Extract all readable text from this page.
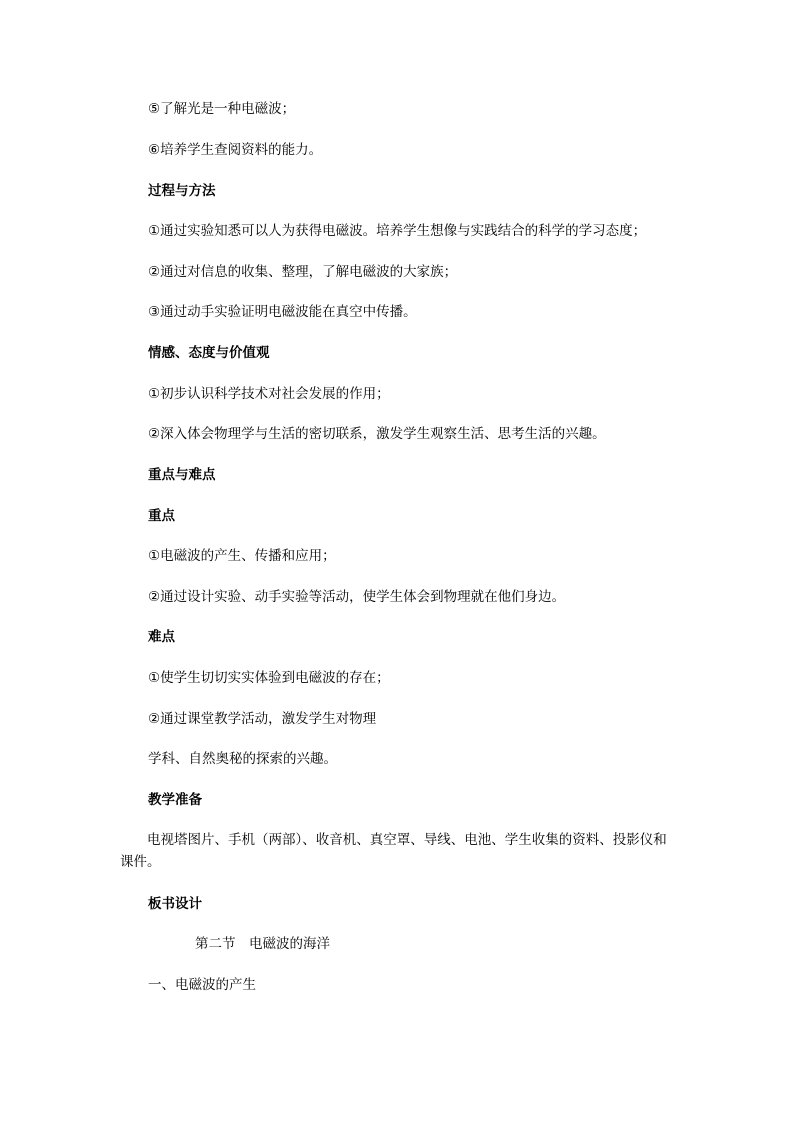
⑤了解光是一种电磁波；
⑥培养学生查阅资料的能力。
过程与方法
①通过实验知悉可以人为获得电磁波。培养学生想像与实践结合的科学的学习态度；
②通过对信息的收集、整理，了解电磁波的大家族；
③通过动手实验证明电磁波能在真空中传播。
情感、态度与价值观
①初步认识科学技术对社会发展的作用；
②深入体会物理学与生活的密切联系，激发学生观察生活、思考生活的兴趣。
重点与难点
重点
①电磁波的产生、传播和应用；
②通过设计实验、动手实验等活动，使学生体会到物理就在他们身边。
难点
①使学生切切实实体验到电磁波的存在；
②通过课堂教学活动，激发学生对物理
学科、自然奥秘的探索的兴趣。
教学准备
电视塔图片、手机（两部）、收音机、真空罩、导线、电池、学生收集的资料、投影仪和课件。
板书设计
第二节　电磁波的海洋
一、电磁波的产生
